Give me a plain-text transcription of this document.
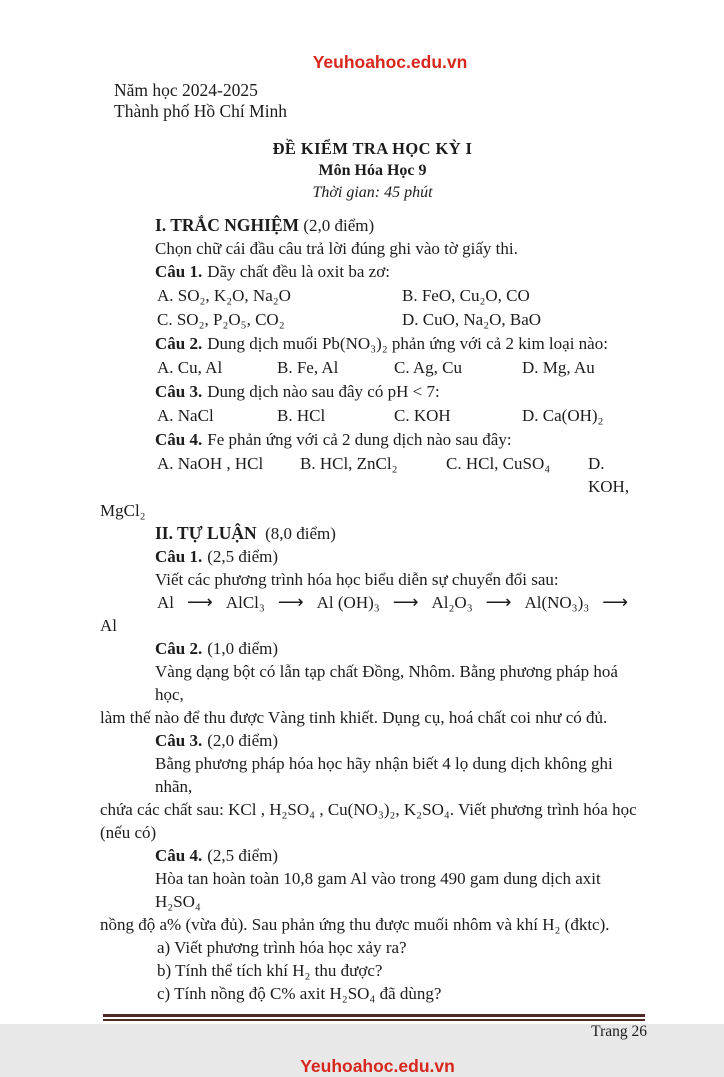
Yeuhoahoc.edu.vn
Năm học 2024-2025
Thành phố Hồ Chí Minh
ĐỀ KIỂM TRA HỌC KỲ I
Môn Hóa Học 9
Thời gian: 45 phút

I. TRẮC NGHIỆM (2,0 điểm)

Chọn chữ cái đầu câu trả lời đúng ghi vào tờ giấy thi.

Câu 1. Dãy chất đều là oxit ba zơ:

A. SO₂, K₂O, Na₂O	B. FeO, Cu₂O, CO
C. SO₂, P₂O₅, CO₂	D. CuO, Na₂O, BaO

Câu 2. Dung dịch muối Pb(NO₃)₂ phản ứng với cả 2 kim loại nào:

A. Cu, Al	B. Fe, Al	C. Ag, Cu	D. Mg, Au

Câu 3. Dung dịch nào sau đây có pH < 7:

A. NaCl	B. HCl	C. KOH	D. Ca(OH)₂

Câu 4. Fe phản ứng với cả 2 dung dịch nào sau đây:

A. NaOH , HCl	B. HCl, ZnCl₂	C. HCl, CuSO₄	D. KOH,

MgCl₂

II. TỰ LUẬN (8,0 điểm)

Câu 1. (2,5 điểm)

Viết các phương trình hóa học biểu diễn sự chuyển đổi sau:

Al ⟶ AlCl₃ ⟶ Al (OH)₃ ⟶ Al₂O₃ ⟶ Al(NO₃)₃ ⟶

Al

Câu 2. (1,0 điểm)

Vàng dạng bột có lẫn tạp chất Đồng, Nhôm. Bằng phương pháp hoá học,

làm thế nào để thu được Vàng tinh khiết. Dụng cụ, hoá chất coi như có đủ.

Câu 3. (2,0 điểm)

Bằng phương pháp hóa học hãy nhận biết 4 lọ dung dịch không ghi nhãn,

chứa các chất sau: KCl , H₂SO₄ , Cu(NO₃)₂, K₂SO₄. Viết phương trình hóa học

(nếu có)

Câu 4. (2,5 điểm)

Hòa tan hoàn toàn 10,8 gam Al vào trong 490 gam dung dịch axit H₂SO₄

nồng độ a% (vừa đủ). Sau phản ứng thu được muối nhôm và khí H₂ (đktc).

a) Viết phương trình hóa học xảy ra?

b) Tính thể tích khí H₂ thu được?

c) Tính nồng độ C% axit H₂SO₄ đã dùng?

Trang 26
Yeuhoahoc.edu.vn
